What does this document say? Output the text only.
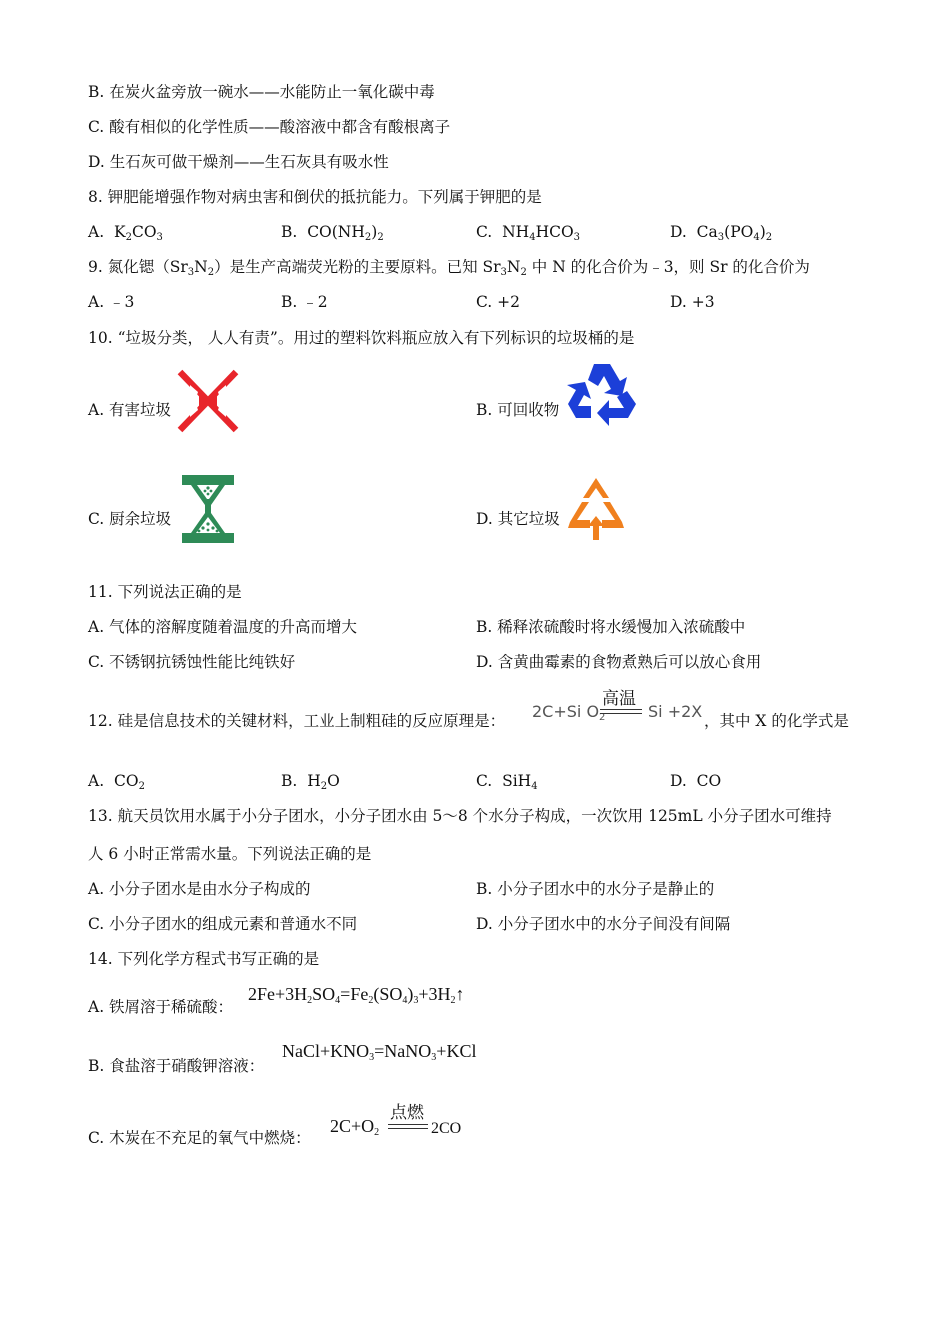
B. 在炭火盆旁放一碗水——水能防止一氧化碳中毒
C. 酸有相似的化学性质——酸溶液中都含有酸根离子
D. 生石灰可做干燥剂——生石灰具有吸水性
8. 钾肥能增强作物对病虫害和倒伏的抵抗能力。下列属于钾肥的是
A. $K_2CO_3$	B. $CO(NH_2)_2$	C. $NH_4HCO_3$	D. $Ca_3(PO_4)_2$
9. 氮化锶$(Sr_3N_2)$是生产高端荧光粉的主要原料。已知 $Sr_3N_2$ 中 N 的化合价为﹣3，则 Sr 的化合价为
A. ﹣3	B. ﹣2	C. +2	D. +3
10. “垃圾分类， 人人有责”。用过的塑料饮料瓶应放入有下列标识的垃圾桶的是
A. 有害垃圾	B. 可回收物
C. 厨余垃圾	D. 其它垃圾
11. 下列说法正确的是
A. 气体的溶解度随着温度的升高而增大	B. 稀释浓硫酸时将水缓慢加入浓硫酸中
C. 不锈钢抗锈蚀性能比纯铁好	D. 含黄曲霉素的食物煮熟后可以放心食用
12. 硅是信息技术的关键材料，工业上制粗硅的反应原理是： 2C+Si $O_2$
高温
Si +2X ，其中 X 的化学式是
A. $CO_2$	B. $H_2O$	C. SiH$_4$	D. CO
13. 航天员饮用水属于小分子团水，小分子团水由 5～8 个水分子构成，一次饮用 125mL 小分子团水可维持
人 6 小时正常需水量。下列说法正确的是
A. 小分子团水是由水分子构成的	B. 小分子团水中的水分子是静止的
C. 小分子团水的组成元素和普通水不同	D. 小分子团水中的水分子间没有间隔
14. 下列化学方程式书写正确的是
A. 铁屑溶于稀硫酸：
$2Fe+3H_2SO_4=Fe_2(SO_4)_3+3H_2↑$
B. 食盐溶于硝酸钾溶液：
$NaCl+KNO_3=NaNO_3+KCl$
C. 木炭在不充足的氧气中燃烧：
$2C+O_2$
点燃
2CO
